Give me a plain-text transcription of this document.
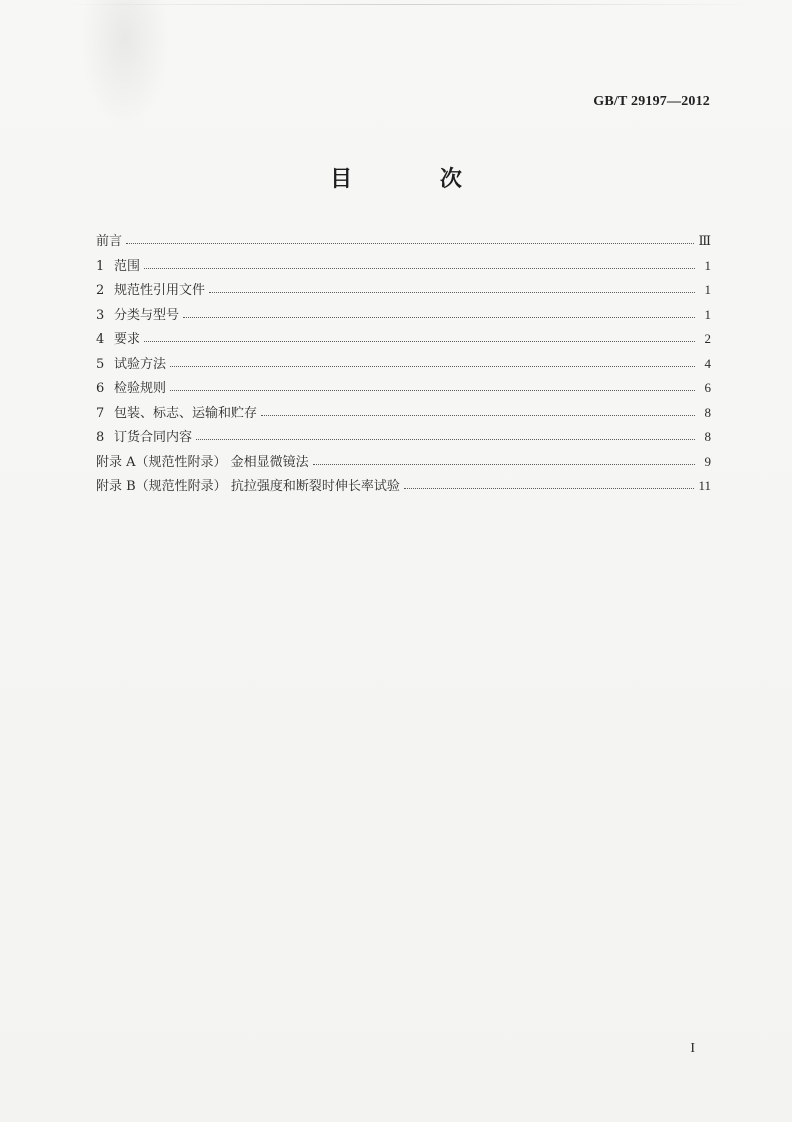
GB/T 29197—2012
目 次
前言	Ⅲ
1 范围	1
2 规范性引用文件	1
3 分类与型号	1
4 要求	2
5 试验方法	4
6 检验规则	6
7 包装、标志、运输和贮存	8
8 订货合同内容	8
附录 A（规范性附录） 金相显微镜法	9
附录 B（规范性附录） 抗拉强度和断裂时伸长率试验	11
I
